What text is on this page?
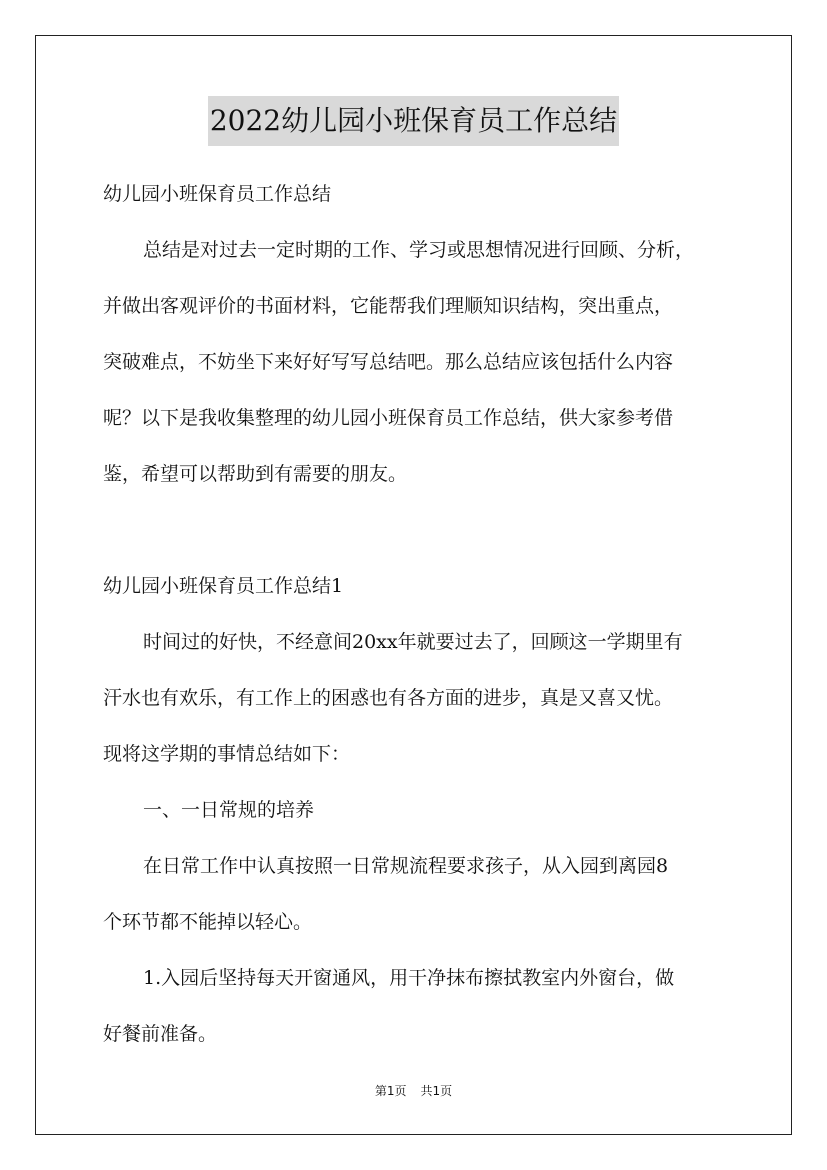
2022幼儿园小班保育员工作总结
幼儿园小班保育员工作总结
总结是对过去一定时期的工作、学习或思想情况进行回顾、分析，
并做出客观评价的书面材料，它能帮我们理顺知识结构，突出重点，
突破难点，不妨坐下来好好写写总结吧。那么总结应该包括什么内容
呢？以下是我收集整理的幼儿园小班保育员工作总结，供大家参考借
鉴，希望可以帮助到有需要的朋友。
幼儿园小班保育员工作总结1
时间过的好快，不经意间20xx年就要过去了，回顾这一学期里有
汗水也有欢乐，有工作上的困惑也有各方面的进步，真是又喜又忧。
现将这学期的事情总结如下：
一、一日常规的培养
在日常工作中认真按照一日常规流程要求孩子，从入园到离园8
个环节都不能掉以轻心。
1.入园后坚持每天开窗通风，用干净抹布擦拭教室内外窗台，做
好餐前准备。
第1页 共1页
